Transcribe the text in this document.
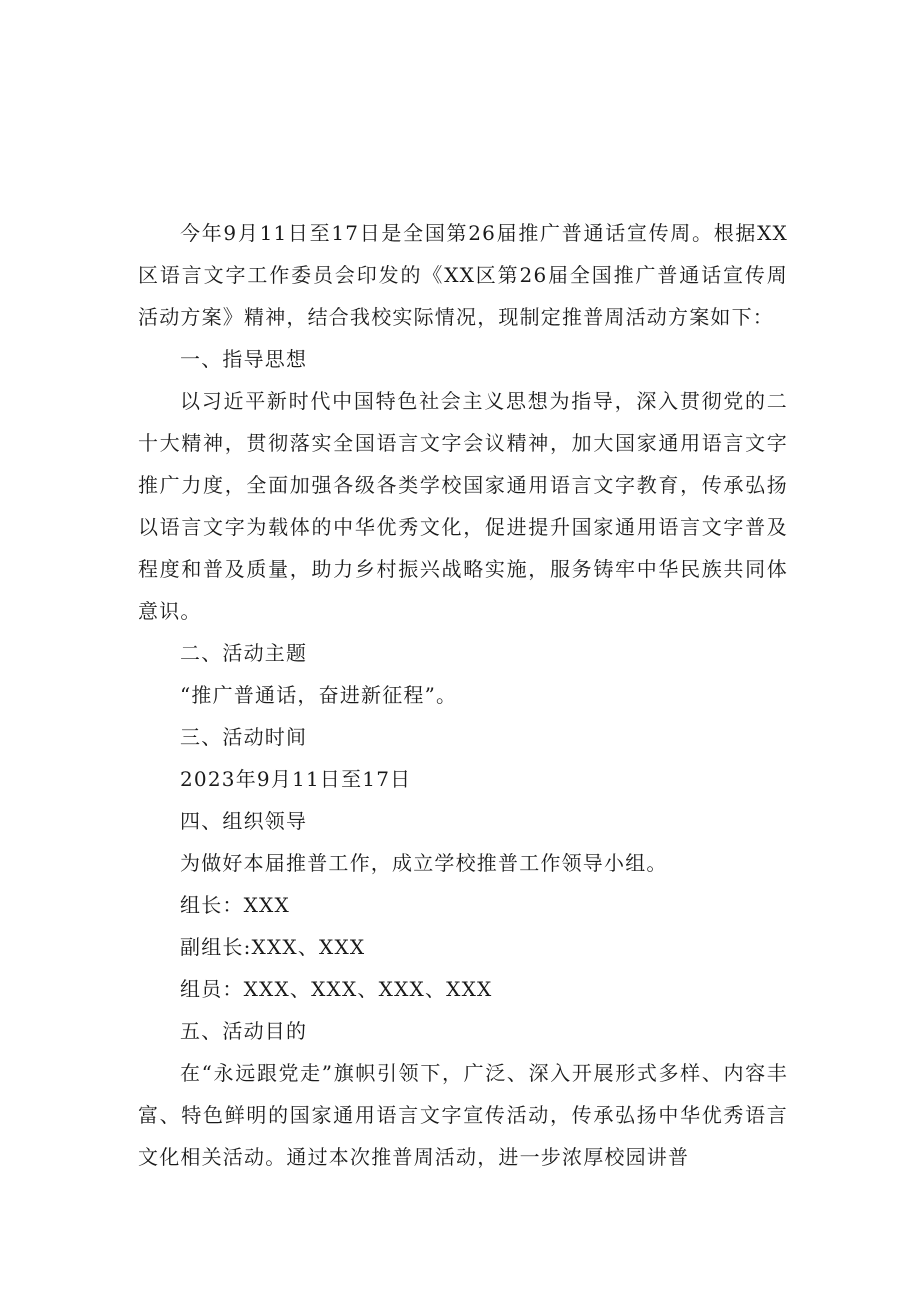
今年9月11日至17日是全国第26届推广普通话宣传周。根据XX区语言文字工作委员会印发的《XX区第26届全国推广普通话宣传周活动方案》精神，结合我校实际情况，现制定推普周活动方案如下：

一、指导思想

以习近平新时代中国特色社会主义思想为指导，深入贯彻党的二十大精神，贯彻落实全国语言文字会议精神，加大国家通用语言文字推广力度，全面加强各级各类学校国家通用语言文字教育，传承弘扬以语言文字为载体的中华优秀文化，促进提升国家通用语言文字普及程度和普及质量，助力乡村振兴战略实施，服务铸牢中华民族共同体意识。

二、活动主题

“推广普通话，奋进新征程”。

三、活动时间

2023年9月11日至17日

四、组织领导

为做好本届推普工作，成立学校推普工作领导小组。

组长：XXX

副组长:XXX、XXX

组员：XXX、XXX、XXX、XXX

五、活动目的

在“永远跟党走”旗帜引领下，广泛、深入开展形式多样、内容丰富、特色鲜明的国家通用语言文字宣传活动，传承弘扬中华优秀语言文化相关活动。通过本次推普周活动，进一步浓厚校园讲普
